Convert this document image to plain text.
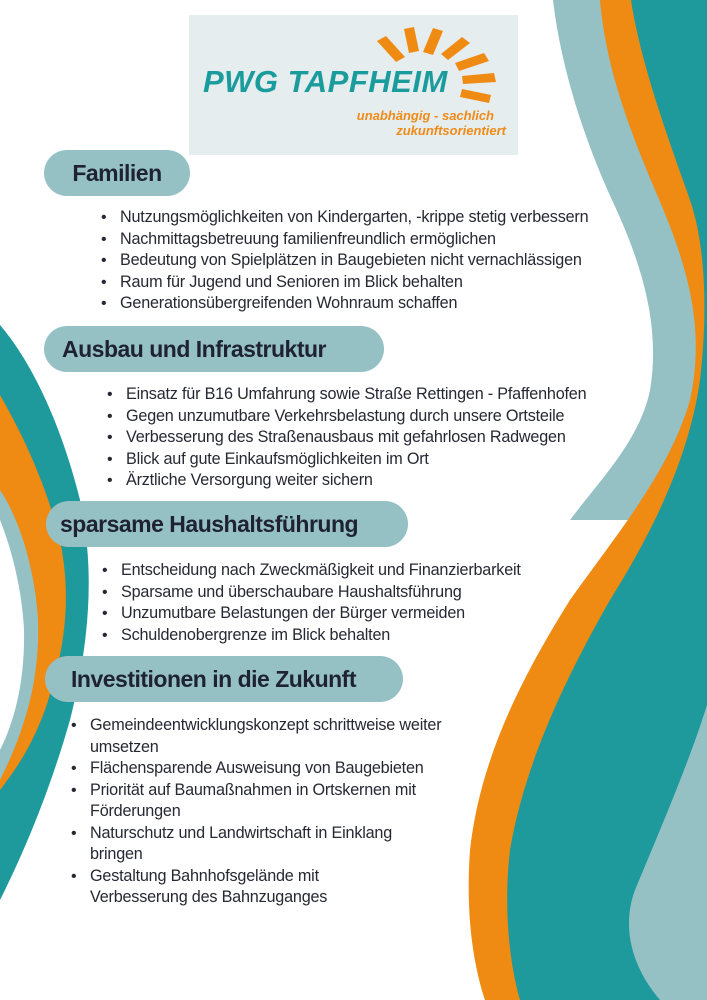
PWG TAPFHEIM
unabhängig - sachlich
zukunftsorientiert
Familien
• Nutzungsmöglichkeiten von Kindergarten, -krippe stetig verbessern
• Nachmittagsbetreuung familienfreundlich ermöglichen
• Bedeutung von Spielplätzen in Baugebieten nicht vernachlässigen
• Raum für Jugend und Senioren im Blick behalten
• Generationsübergreifenden Wohnraum schaffen
Ausbau und Infrastruktur
• Einsatz für B16 Umfahrung sowie Straße Rettingen - Pfaffenhofen
• Gegen unzumutbare Verkehrsbelastung durch unsere Ortsteile
• Verbesserung des Straßenausbaus mit gefahrlosen Radwegen
• Blick auf gute Einkaufsmöglichkeiten im Ort
• Ärztliche Versorgung weiter sichern
sparsame Haushaltsführung
• Entscheidung nach Zweckmäßigkeit und Finanzierbarkeit
• Sparsame und überschaubare Haushaltsführung
• Unzumutbare Belastungen der Bürger vermeiden
• Schuldenobergrenze im Blick behalten
Investitionen in die Zukunft
• Gemeindeentwicklungskonzept schrittweise weiter umsetzen
• Flächensparende Ausweisung von Baugebieten
• Priorität auf Baumaßnahmen in Ortskernen mit Förderungen
• Naturschutz und Landwirtschaft in Einklang bringen
• Gestaltung Bahnhofsgelände mit Verbesserung des Bahnzuganges
